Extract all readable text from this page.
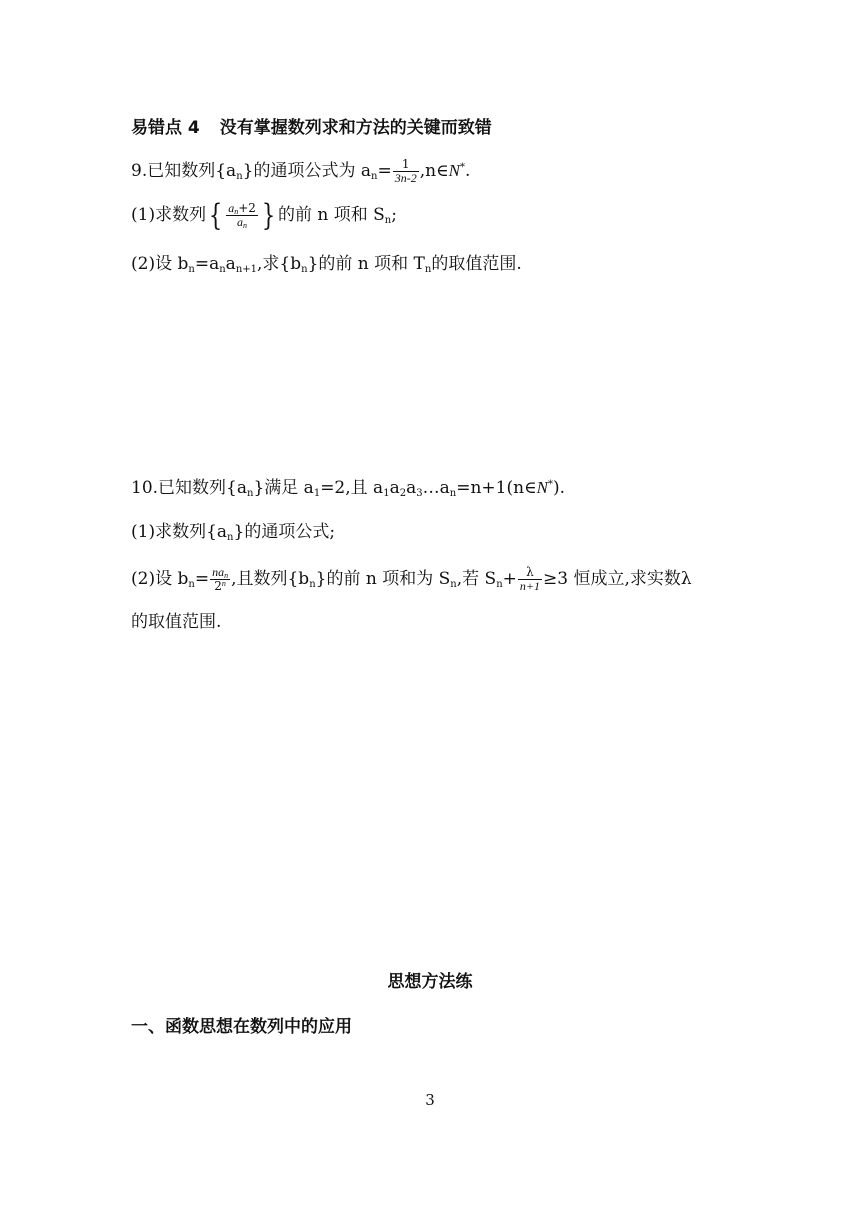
易错点 4 没有掌握数列求和方法的关键而致错
9.已知数列$\{a_n\}$的通项公式为 $a_n= \frac{1}{3n-2}$ ,n∈N*.
(1)求数列{ $\frac{a_n+2}{a_n}$ } 的前 n 项和 $S_n$;
(2)设 $b_n=a_na_{n+1}$,求$\{b_n\}$的前 n 项和 $T_n$的取值范围.
10.已知数列$\{a_n\}$满足 $a_1=2$,且 $a_1a_2a_3\dots a_n=n+1(n\in N^*)$.
(1)求数列$\{a_n\}$的通项公式;
(2)设 $b_n= \frac{na_n}{2^n}$ ,且数列$\{b_n\}$的前 n 项和为 $S_n$,若 $S_n+ \frac{\lambda}{n+1} \ge 3$ 恒成立,求实数λ
的取值范围.
思想方法练
一、函数思想在数列中的应用
3
